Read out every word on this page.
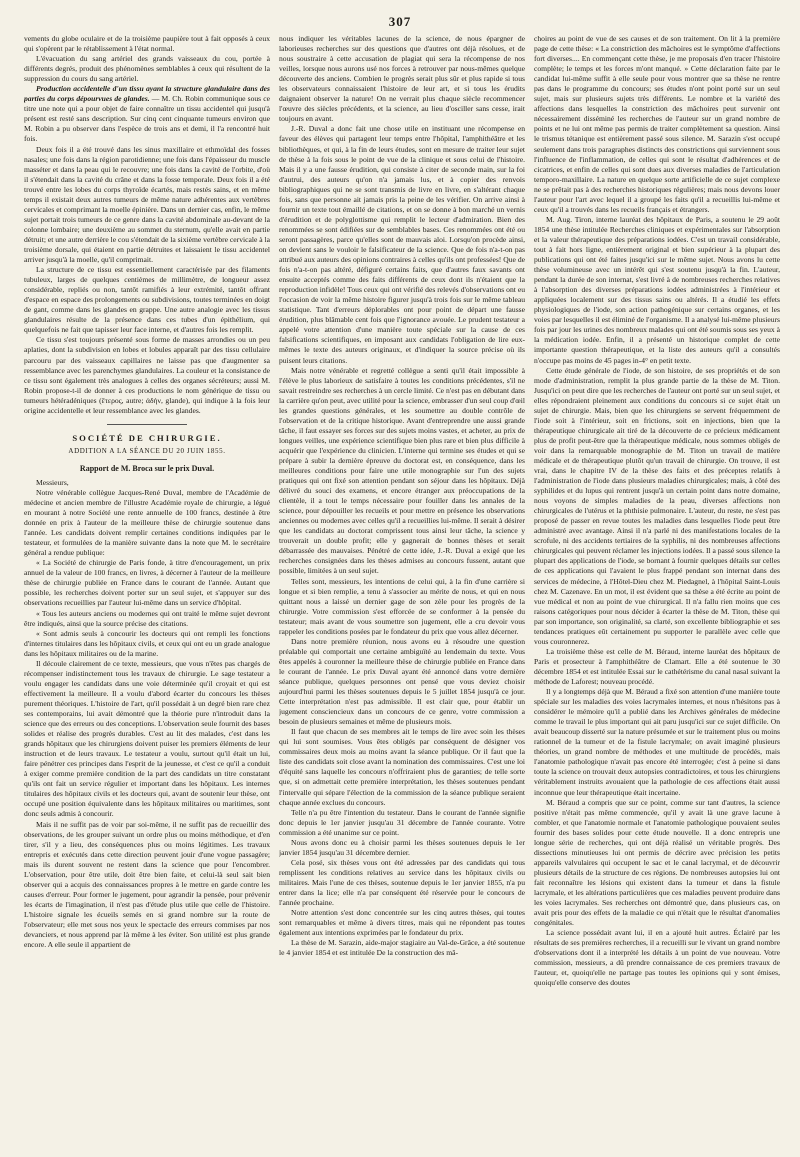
307

vements du globe oculaire et de la troisième paupière tout à fait opposés à ceux qui s'opèrent par le rétablissement à l'état normal.

L'évacuation du sang artériel des grands vaisseaux du cou, portée à différents degrés, produit des phénomènes semblables à ceux qui résultent de la suppression du cours du sang artériel.

Production accidentelle d'un tissu ayant la structure glandulaire dans des parties du corps dépourvues de glandes. — M. Ch. Robin communique sous ce titre une note qui a pour objet de faire connaître un tissu accidentel qui jusqu'à présent est resté sans description. Sur cinq cent cinquante tumeurs environ que M. Robin a pu observer dans l'espèce de trois ans et demi, il l'a rencontré huit fois.

Deux fois il a été trouvé dans les sinus maxillaire et ethmoïdal des fosses nasales; une fois dans la région parotidienne; une fois dans l'épaisseur du muscle masséter et dans la peau qui le recouvre; une fois dans la cavité de l'orbite, d'où il s'étendait dans la cavité du crâne et dans la fosse temporale. Deux fois il a été trouvé entre les lobes du corps thyroïde écartés, mais restés sains, et en même temps il existait deux autres tumeurs de même nature adhérentes aux vertèbres cervicales et comprimant la moelle épinière. Dans un dernier cas, enfin, le même sujet portait trois tumeurs de ce genre dans la cavité abdominale au-devant de la colonne lombaire; une deuxième au sommet du sternum, qu'elle avait en partie détruit; et une autre derrière le cou s'étendait de la sixième vertèbre cervicale à la troisième dorsale, qui étaient en partie détruites et laissaient le tissu accidentel arriver jusqu'à la moelle, qu'il comprimait.

La structure de ce tissu est essentiellement caractérisée par des filaments tubuleux, larges de quelques centièmes de millimètre, de longueur assez considérable, repliés ou non, tantôt ramifiés à leur extrémité, tantôt offrant d'espace en espace des prolongements ou subdivisions, toutes terminées en doigt de gant, comme dans les glandes en grappe. Une autre analogie avec les tissus glandulaires résulte de la présence dans ces tubes d'un épithélium, qui quelquefois ne fait que tapisser leur face interne, et d'autres fois les remplit.

Ce tissu s'est toujours présenté sous forme de masses arrondies ou un peu aplaties, dont la subdivision en lobes et lobules apparaît par des tissu cellulaire parcouru par des vaisseaux capillaires ne laisse pas que d'augmenter sa ressemblance avec les parenchymes glandulaires. La couleur et la consistance de ce tissu sont également très analogues à celles des organes sécréteurs; aussi M. Robin propose-t-il de donner à ces productions le nom générique de tissu ou tumeurs hétéradéniques (ἕτερος, autre; ἀδήν, glande), qui indique à la fois leur origine accidentelle et leur ressemblance avec les glandes.

SOCIÉTÉ DE CHIRURGIE.
ADDITION A LA SÉANCE DU 20 JUIN 1855.
Rapport de M. Broca sur le prix Duval.

Messieurs,

Notre vénérable collègue Jacques-René Duval, membre de l'Académie de médecine et ancien membre de l'illustre Académie royale de chirurgie, a légué en mourant à notre Société une rente annuelle de 100 francs, destinée à être donnée en prix à l'auteur de la meilleure thèse de chirurgie soutenue dans l'année. Les candidats doivent remplir certaines conditions indiquées par le testateur, et formulées de la manière suivante dans la note que M. le secrétaire général a rendue publique:

« La Société de chirurgie de Paris fonde, à titre d'encouragement, un prix annuel de la valeur de 100 francs, en livres, à décerner à l'auteur de la meilleure thèse de chirurgie publiée en France dans le courant de l'année. Autant que possible, les recherches doivent porter sur un seul sujet, et s'appuyer sur des observations recueillies par l'auteur lui-même dans un service d'hôpital.

« Tous les auteurs anciens ou modernes qui ont traité le même sujet devront être indiqués, ainsi que la source précise des citations.

« Sont admis seuls à concourir les docteurs qui ont rempli les fonctions d'internes titulaires dans les hôpitaux civils, et ceux qui ont eu un grade analogue dans les hôpitaux militaires ou de la marine.

Il découle clairement de ce texte, messieurs, que vous n'êtes pas chargés de récompenser indistinctement tous les travaux de chirurgie. Le sage testateur a voulu engager les candidats dans une voie déterminée qu'il croyait et qui est effectivement la meilleure. Il a voulu d'abord écarter du concours les thèses purement théoriques. L'histoire de l'art, qu'il possédait à un degré bien rare chez ses contemporains, lui avait démontré que la théorie pure n'introduit dans la science que des erreurs ou des conceptions. L'observation seule fournit des bases solides et réalise des progrès durables. C'est au lit des malades, c'est dans les grands hôpitaux que les chirurgiens doivent puiser les premiers éléments de leur instruction et de leurs travaux. Le testateur a voulu, surtout qu'il était un lui, faire pénétrer ces principes dans l'esprit de la jeunesse, et c'est ce qu'il a conduit à exiger comme première condition de la part des candidats un titre constatant qu'ils ont fait un service régulier et important dans les hôpitaux. Les internes titulaires des hôpitaux civils et les docteurs qui, avant de soutenir leur thèse, ont occupé une position équivalente dans les hôpitaux militaires ou maritimes, sont donc seuls admis à concourir.

Mais il ne suffit pas de voir par soi-même, il ne suffit pas de recueillir des observations, de les grouper suivant un ordre plus ou moins méthodique, et d'en tirer, s'il y a lieu, des conséquences plus ou moins légitimes. Les travaux entrepris et exécutés dans cette direction peuvent jouir d'une vogue passagère; mais ils durent souvent ne restent dans la science que pour l'encombrer. L'observation, pour être utile, doit être bien faite, et celui-là seul sait bien observer qui a acquis des connaissances propres à le mettre en garde contre les causes d'erreur. Pour former le jugement, pour agrandir la pensée, pour prévenir les écarts de l'imagination, il n'est pas d'étude plus utile que celle de l'histoire. L'histoire signale les écueils semés en si grand nombre sur la route de l'observateur; elle met sous nos yeux le spectacle des erreurs commises par nos devanciers, et nous apprend par là même à les éviter. Son utilité est plus grande encore. A elle seule il appartient de

nous indiquer les véritables lacunes de la science, de nous épargner de laborieuses recherches sur des questions que d'autres ont déjà résolues, et de nous soustraire à cette accusation de plagiat qui sera la récompense de nos veilles, lorsque nous aurons usé nos forces à retrouver par nous-mêmes quelque découverte des anciens. Combien le progrès serait plus sûr et plus rapide si tous les observateurs connaissaient l'histoire de leur art, et si tous les érudits daignaient observer la nature! On ne verrait plus chaque siècle recommencer l'œuvre des siècles précédents, et la science, au lieu d'osciller sans cesse, irait toujours en avant.

J.-R. Duval a donc fait une chose utile en instituant une récompense en faveur des élèves qui partagent leur temps entre l'hôpital, l'amphithéâtre et les bibliothèques, et qui, à la fin de leurs études, sont en mesure de traiter leur sujet de thèse à la fois sous le point de vue de la clinique et sous celui de l'histoire. Mais il y a une fausse érudition, qui consiste à citer de seconde main, sur la foi d'autrui, des auteurs qu'on n'a jamais lus, et à copier des renvois bibliographiques qui ne se sont transmis de livre en livre, en s'altérant chaque fois, sans que personne ait jamais pris la peine de les vérifier. On arrive ainsi à fournir un texte tout émaillé de citations, et on se donne à bon marché un vernis d'érudition et de polyglottisme qui remplit le lecteur d'admiration. Bien des renommées se sont édifiées sur de semblables bases. Ces renommées ont été ou seront passagères, parce qu'elles sont de mauvais aloi. Lorsqu'on procède ainsi, on devient sans le vouloir le falsificateur de la science. Que de fois n'a-t-on pas attribué aux auteurs des opinions contraires à celles qu'ils ont professées! Que de fois n'a-t-on pas altéré, défiguré certains faits, que d'autres faux savants ont ensuite acceptés comme des faits différents de ceux dont ils n'étaient que la reproduction infidèle! Tous ceux qui ont vérifié des relevés d'observations ont eu l'occasion de voir la même histoire figurer jusqu'à trois fois sur le même tableau statistique. Tant d'erreurs déplorables ont pour point de départ une fausse érudition, plus blâmable cent fois que l'ignorance avouée. Le prudent testateur a appelé votre attention d'une manière toute spéciale sur la cause de ces falsifications scientifiques, en imposant aux candidats l'obligation de lire eux-mêmes le texte des auteurs originaux, et d'indiquer la source précise où ils puisent leurs citations.

Mais notre vénérable et regretté collègue a senti qu'il était impossible à l'élève le plus laborieux de satisfaire à toutes les conditions précédentes, s'il ne savait restreindre ses recherches à un cercle limité. Ce n'est pas en débutant dans la carrière qu'on peut, avec utilité pour la science, embrasser d'un seul coup d'œil les grandes questions générales, et les soumettre au double contrôle de l'observation et de la critique historique. Avant d'entreprendre une aussi grande tâche, il faut essayer ses forces sur des sujets moins vastes, et acheter, au prix de longues veilles, une expérience scientifique bien plus rare et bien plus difficile à acquérir que l'expérience du clinicien. L'interne qui termine ses études et qui se prépare à subir la dernière épreuve du doctorat est, en conséquence, dans les meilleures conditions pour faire une utile monographie sur l'un des sujets pratiques qui ont fixé son attention pendant son séjour dans les hôpitaux. Déjà délivré du souci des examens, et encore étranger aux préoccupations de la clientèle, il a tout le temps nécessaire pour fouiller dans les annales de la science, pour dépouiller les recueils et pour mettre en présence les observations anciennes ou modernes avec celles qu'il a recueillies lui-même. Il serait à désirer que les candidats au doctorat comprissent tous ainsi leur tâche, la science y trouverait un double profit; elle y gagnerait de bonnes thèses et serait débarrassée des mauvaises. Pénétré de cette idée, J.-R. Duval a exigé que les recherches consignées dans les thèses admises au concours fussent, autant que possible, limitées à un seul sujet.

Telles sont, messieurs, les intentions de celui qui, à la fin d'une carrière si longue et si bien remplie, a tenu à s'associer au mérite de nous, et qui en nous quittant nous a laissé un dernier gage de son zèle pour les progrès de la chirurgie. Votre commission s'est efforcée de se conformer à la pensée du testateur; mais avant de vous soumettre son jugement, elle a cru devoir vous rappeler les conditions posées par le fondateur du prix que vous allez décerner.

Dans notre première réunion, nous avons eu à résoudre une question préalable qui comportait une certaine ambiguïté au lendemain du texte. Vous êtes appelés à couronner la meilleure thèse de chirurgie publiée en France dans le courant de l'année. Le prix Duval ayant été annoncé dans votre dernière séance publique, quelques personnes ont pensé que vous deviez choisir aujourd'hui parmi les thèses soutenues depuis le 5 juillet 1854 jusqu'à ce jour. Cette interprétation n'est pas admissible. Il est clair que, pour établir un jugement consciencieux dans un concours de ce genre, votre commission a besoin de plusieurs semaines et même de plusieurs mois.

Il faut que chacun de ses membres ait le temps de lire avec soin les thèses qui lui sont soumises. Vous êtes obligés par conséquent de désigner vos commissaires deux mois au moins avant la séance publique. Or il faut que la liste des candidats soit close avant la nomination des commissaires. C'est une loi d'équité sans laquelle les concours n'offriraient plus de garanties; de telle sorte que, si on admettait cette première interprétation, les thèses soutenues pendant l'intervalle qui sépare l'élection de la commission de la séance publique seraient chaque année exclues du concours.

Telle n'a pu être l'intention du testateur. Dans le courant de l'année signifie donc depuis le 1er janvier jusqu'au 31 décembre de l'année courante. Votre commission a été unanime sur ce point.

Nous avons donc eu à choisir parmi les thèses soutenues depuis le 1er janvier 1854 jusqu'au 31 décembre dernier.

Cela posé, six thèses vous ont été adressées par des candidats qui tous remplissent les conditions relatives au service dans les hôpitaux civils ou militaires. Mais l'une de ces thèses, soutenue depuis le 1er janvier 1855, n'a pu entrer dans la lice; elle n'a par conséquent été réservée pour le concours de l'année prochaine.

Notre attention s'est donc concentrée sur les cinq autres thèses, qui toutes sont remarquables et même à divers titres, mais qui ne répondent pas toutes également aux intentions exprimées par le fondateur du prix.

La thèse de M. Sarazin, aide-major stagiaire au Val-de-Grâce, a été soutenue le 4 janvier 1854 et est intitulée De la construction des mâ-

choires au point de vue de ses causes et de son traitement. On lit à la première page de cette thèse: « La constriction des mâchoires est le symptôme d'affections fort diverses.... En commençant cette thèse, je me proposais d'en tracer l'histoire complète; le temps et les forces m'ont manqué. » Cette déclaration faite par le candidat lui-même suffit à elle seule pour vous montrer que sa thèse ne rentre pas dans le programme du concours; ses études n'ont point porté sur un seul sujet, mais sur plusieurs sujets très différents. Le nombre et la variété des affections dans lesquelles la constriction des mâchoires peut survenir ont nécessairement disséminé les recherches de l'auteur sur un grand nombre de points et ne lui ont même pas permis de traiter complètement sa question. Ainsi le trismus tétanique est entièrement passé sous silence. M. Sarazin s'est occupé seulement dans trois paragraphes distincts des constrictions qui surviennent sous l'influence de l'inflammation, de celles qui sont le résultat d'adhérences et de cicatrices, et enfin de celles qui sont dues aux diverses maladies de l'articulation temporo-maxillaire. La nature en quelque sorte artificielle de ce sujet complexe ne se prêtait pas à des recherches historiques régulières; mais nous devons louer l'auteur pour l'art avec lequel il a groupé les faits qu'il a recueillis lui-même et ceux qu'il a trouvés dans les recueils français et étrangers.

M. Aug. Tiron, interne lauréat des hôpitaux de Paris, a soutenu le 29 août 1854 une thèse intitulée Recherches cliniques et expérimentales sur l'absorption et la valeur thérapeutique des préparations iodées. C'est un travail considérable, tout à fait hors ligne, entièrement original et bien supérieur à la plupart des publications qui ont été faites jusqu'ici sur le même sujet. Nous avons lu cette thèse volumineuse avec un intérêt qui s'est soutenu jusqu'à la fin. L'auteur, pendant la durée de son internat, s'est livré à de nombreuses recherches relatives à l'absorption des diverses préparations iodées administrées à l'intérieur et appliquées localement sur des tissus sains ou altérés. Il a étudié les effets physiologiques de l'iode, son action pathogénique sur certains organes, et les voies par lesquelles il est éliminé de l'organisme. Il a analysé lui-même plusieurs fois par jour les urines des nombreux malades qui ont été soumis sous ses yeux à la médication iodée. Enfin, il a présenté un historique complet de cette importante question thérapeutique, et la liste des auteurs qu'il a consultés n'occupe pas moins de 45 pages in-4° en petit texte.

Cette étude générale de l'iode, de son histoire, de ses propriétés et de son mode d'administration, remplit la plus grande partie de la thèse de M. Titon. Jusqu'ici on peut dire que les recherches de l'auteur ont porté sur un seul sujet, et elles répondraient pleinement aux conditions du concours si ce sujet était un sujet de chirurgie. Mais, bien que les chirurgiens se servent fréquemment de l'iode soit à l'intérieur, soit en frictions, soit en injections, bien que la thérapeutique chirurgicale ait tiré de la découverte de ce précieux médicament plus de profit peut-être que la thérapeutique médicale, nous sommes obligés de voir dans la remarquable monographie de M. Titon un travail de matière médicale et de thérapeutique plutôt qu'un travail de chirurgie. On trouve, il est vrai, dans le chapitre IV de la thèse des faits et des préceptes relatifs à l'administration de l'iode dans plusieurs maladies chirurgicales; mais, à côté des syphilides et du lupus qui rentrent jusqu'à un certain point dans notre domaine, nous voyons de simples maladies de la peau, diverses affections non chirurgicales de l'utérus et la phthisie pulmonaire. L'auteur, du reste, ne s'est pas proposé de passer en revue toutes les maladies dans lesquelles l'iode peut être administré avec avantage. Ainsi il n'a parlé ni des manifestations locales de la scrofule, ni des accidents tertiaires de la syphilis, ni des nombreuses affections chirurgicales qui peuvent réclamer les injections iodées. Il a passé sous silence la plupart des applications de l'iode, se bornant à fournir quelques détails sur celles de ces applications qui l'avaient le plus frappé pendant son internat dans des services de médecine, à l'Hôtel-Dieu chez M. Piedagnel, à l'hôpital Saint-Louis chez M. Cazenave. En un mot, il est évident que sa thèse a été écrite au point de vue médical et non au point de vue chirurgical. Il n'a fallu rien moins que ces raisons catégoriques pour nous décider à écarter la thèse de M. Titon, thèse qui par son importance, son originalité, sa clarté, son excellente bibliographie et ses tendances pratiques eût certainement pu supporter le parallèle avec celle que vous couronnerez.

La troisième thèse est celle de M. Béraud, interne lauréat des hôpitaux de Paris et prosecteur à l'amphithéâtre de Clamart. Elle a été soutenue le 30 décembre 1854 et est intitulée Essai sur le cathétérisme du canal nasal suivant la méthode de Laforest; nouveau procédé.

Il y a longtemps déjà que M. Béraud a fixé son attention d'une manière toute spéciale sur les maladies des voies lacrymales internes, et nous n'hésitons pas à considérer le mémoire qu'il a publié dans les Archives générales de médecine comme le travail le plus important qui ait paru jusqu'ici sur ce sujet difficile. On avait beaucoup disserté sur la nature présumée et sur le traitement plus ou moins rationnel de la tumeur et de la fistule lacrymale; on avait imaginé plusieurs théories, un grand nombre de méthodes et une multitude de procédés, mais l'anatomie pathologique n'avait pas encore été interrogée; c'est à peine si dans toute la science on trouvait deux autopsies contradictoires, et tous les chirurgiens véritablement instruits avouaient que la pathologie de ces affections était aussi inconnue que leur thérapeutique était incertaine.

M. Béraud a compris que sur ce point, comme sur tant d'autres, la science positive n'était pas même commencée, qu'il y avait là une grave lacune à combler, et que l'anatomie normale et l'anatomie pathologique pouvaient seules fournir des bases solides pour cette étude nouvelle. Il a donc entrepris une longue série de recherches, qui ont déjà réalisé un véritable progrès. Des dissections minutieuses lui ont permis de décrire avec précision les petits appareils valvulaires qui occupent le sac et le canal lacrymal, et de découvrir plusieurs détails de la structure de ces régions. De nombreuses autopsies lui ont fait reconnaître les lésions qui existent dans la tumeur et dans la fistule lacrymale, et les altérations particulières que ces maladies peuvent produire dans les voies lacrymales. Ses recherches ont démontré que, dans plusieurs cas, on avait pris pour des effets de la maladie ce qui n'était que le résultat d'anomalies congénitales.

La science possédait avant lui, il en a ajouté huit autres. Éclairé par les résultats de ses premières recherches, il a recueilli sur le vivant un grand nombre d'observations dont il a interprété les détails à un point de vue nouveau. Votre commission, messieurs, a dû prendre connaissance de ces premiers travaux de l'auteur, et, quoiqu'elle ne partage pas toutes les opinions qui y sont émises, quoiqu'elle conserve des doutes
